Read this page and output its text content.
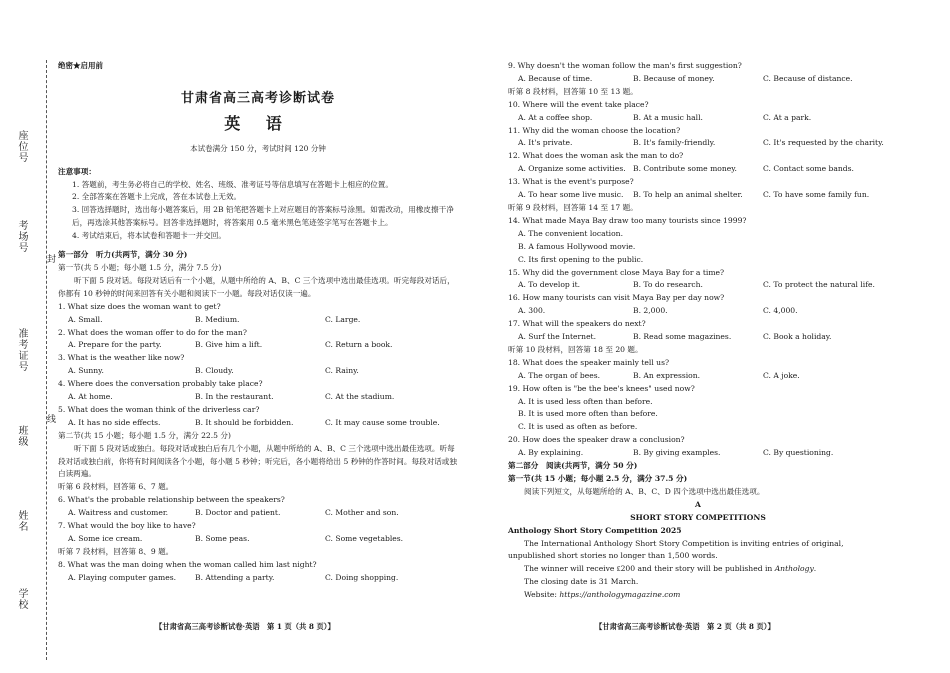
座位号
考场号
准考证号
班级
姓名
学校
封
线
绝密★启用前
甘肃省高三高考诊断试卷
英 语
本试卷满分 150 分，考试时间 120 分钟
注意事项：
1. 答题前，考生务必将自己的学校、姓名、班级、准考证号等信息填写在答题卡上相应的位置。
2. 全部答案在答题卡上完成，答在本试卷上无效。
3. 回答选择题时，选出每小题答案后，用 2B 铅笔把答题卡上对应题目的答案标号涂黑。如需改动，用橡皮擦干净后，再选涂其他答案标号。回答非选择题时，将答案用 0.5 毫米黑色笔迹签字笔写在答题卡上。
4. 考试结束后，将本试卷和答题卡一并交回。
第一部分　听力(共两节，满分 30 分)
第一节(共 5 小题；每小题 1.5 分，满分 7.5 分)
听下面 5 段对话。每段对话后有一个小题，从题中所给的 A、B、C 三个选项中选出最佳选项。听完每段对话后，你都有 10 秒钟的时间来回答有关小题和阅读下一小题。每段对话仅读一遍。
1. What size does the woman want to get?
A. Small.	B. Medium.	C. Large.
2. What does the woman offer to do for the man?
A. Prepare for the party.	B. Give him a lift.	C. Return a book.
3. What is the weather like now?
A. Sunny.	B. Cloudy.	C. Rainy.
4. Where does the conversation probably take place?
A. At home.	B. In the restaurant.	C. At the stadium.
5. What does the woman think of the driverless car?
A. It has no side effects.	B. It should be forbidden.	C. It may cause some trouble.
第二节(共 15 小题；每小题 1.5 分，满分 22.5 分)
听下面 5 段对话或独白。每段对话或独白后有几个小题，从题中所给的 A、B、C 三个选项中选出最佳选项。听每段对话或独白前，你将有时间阅读各个小题，每小题 5 秒钟；听完后，各小题将给出 5 秒钟的作答时间。每段对话或独白读两遍。
听第 6 段材料，回答第 6、7 题。
6. What's the probable relationship between the speakers?
A. Waitress and customer.	B. Doctor and patient.	C. Mother and son.
7. What would the boy like to have?
A. Some ice cream.	B. Some peas.	C. Some vegetables.
听第 7 段材料，回答第 8、9 题。
8. What was the man doing when the woman called him last night?
A. Playing computer games.	B. Attending a party.	C. Doing shopping.
9. Why doesn't the woman follow the man's first suggestion?
A. Because of time.	B. Because of money.	C. Because of distance.
听第 8 段材料，回答第 10 至 13 题。
10. Where will the event take place?
A. At a coffee shop.	B. At a music hall.	C. At a park.
11. Why did the woman choose the location?
A. It's private.	B. It's family-friendly.	C. It's requested by the charity.
12. What does the woman ask the man to do?
A. Organize some activities. B. Contribute some money.	C. Contact some bands.
13. What is the event's purpose?
A. To hear some live music.	B. To help an animal shelter.	C. To have some family fun.
听第 9 段材料，回答第 14 至 17 题。
14. What made Maya Bay draw too many tourists since 1999?
A. The convenient location.
B. A famous Hollywood movie.
C. Its first opening to the public.
15. Why did the government close Maya Bay for a time?
A. To develop it.	B. To do research.	C. To protect the natural life.
16. How many tourists can visit Maya Bay per day now?
A. 300.	B. 2,000.	C. 4,000.
17. What will the speakers do next?
A. Surf the Internet.	B. Read some magazines.	C. Book a holiday.
听第 10 段材料，回答第 18 至 20 题。
18. What does the speaker mainly tell us?
A. The organ of bees.	B. An expression.	C. A joke.
19. How often is "be the bee's knees" used now?
A. It is used less often than before.
B. It is used more often than before.
C. It is used as often as before.
20. How does the speaker draw a conclusion?
A. By explaining.	B. By giving examples.	C. By questioning.
第二部分　阅读(共两节，满分 50 分)
第一节(共 15 小题；每小题 2.5 分，满分 37.5 分)
阅读下列短文，从每题所给的 A、B、C、D 四个选项中选出最佳选项。
A
SHORT STORY COMPETITIONS
Anthology Short Story Competition 2025
The International Anthology Short Story Competition is inviting entries of original, unpublished short stories no longer than 1,500 words.
The winner will receive ₤200 and their story will be published in Anthology.
The closing date is 31 March.
Website: https://anthologymagazine.com
【甘肃省高三高考诊断试卷·英语　第 1 页（共 8 页）】	【甘肃省高三高考诊断试卷·英语　第 2 页（共 8 页）】
